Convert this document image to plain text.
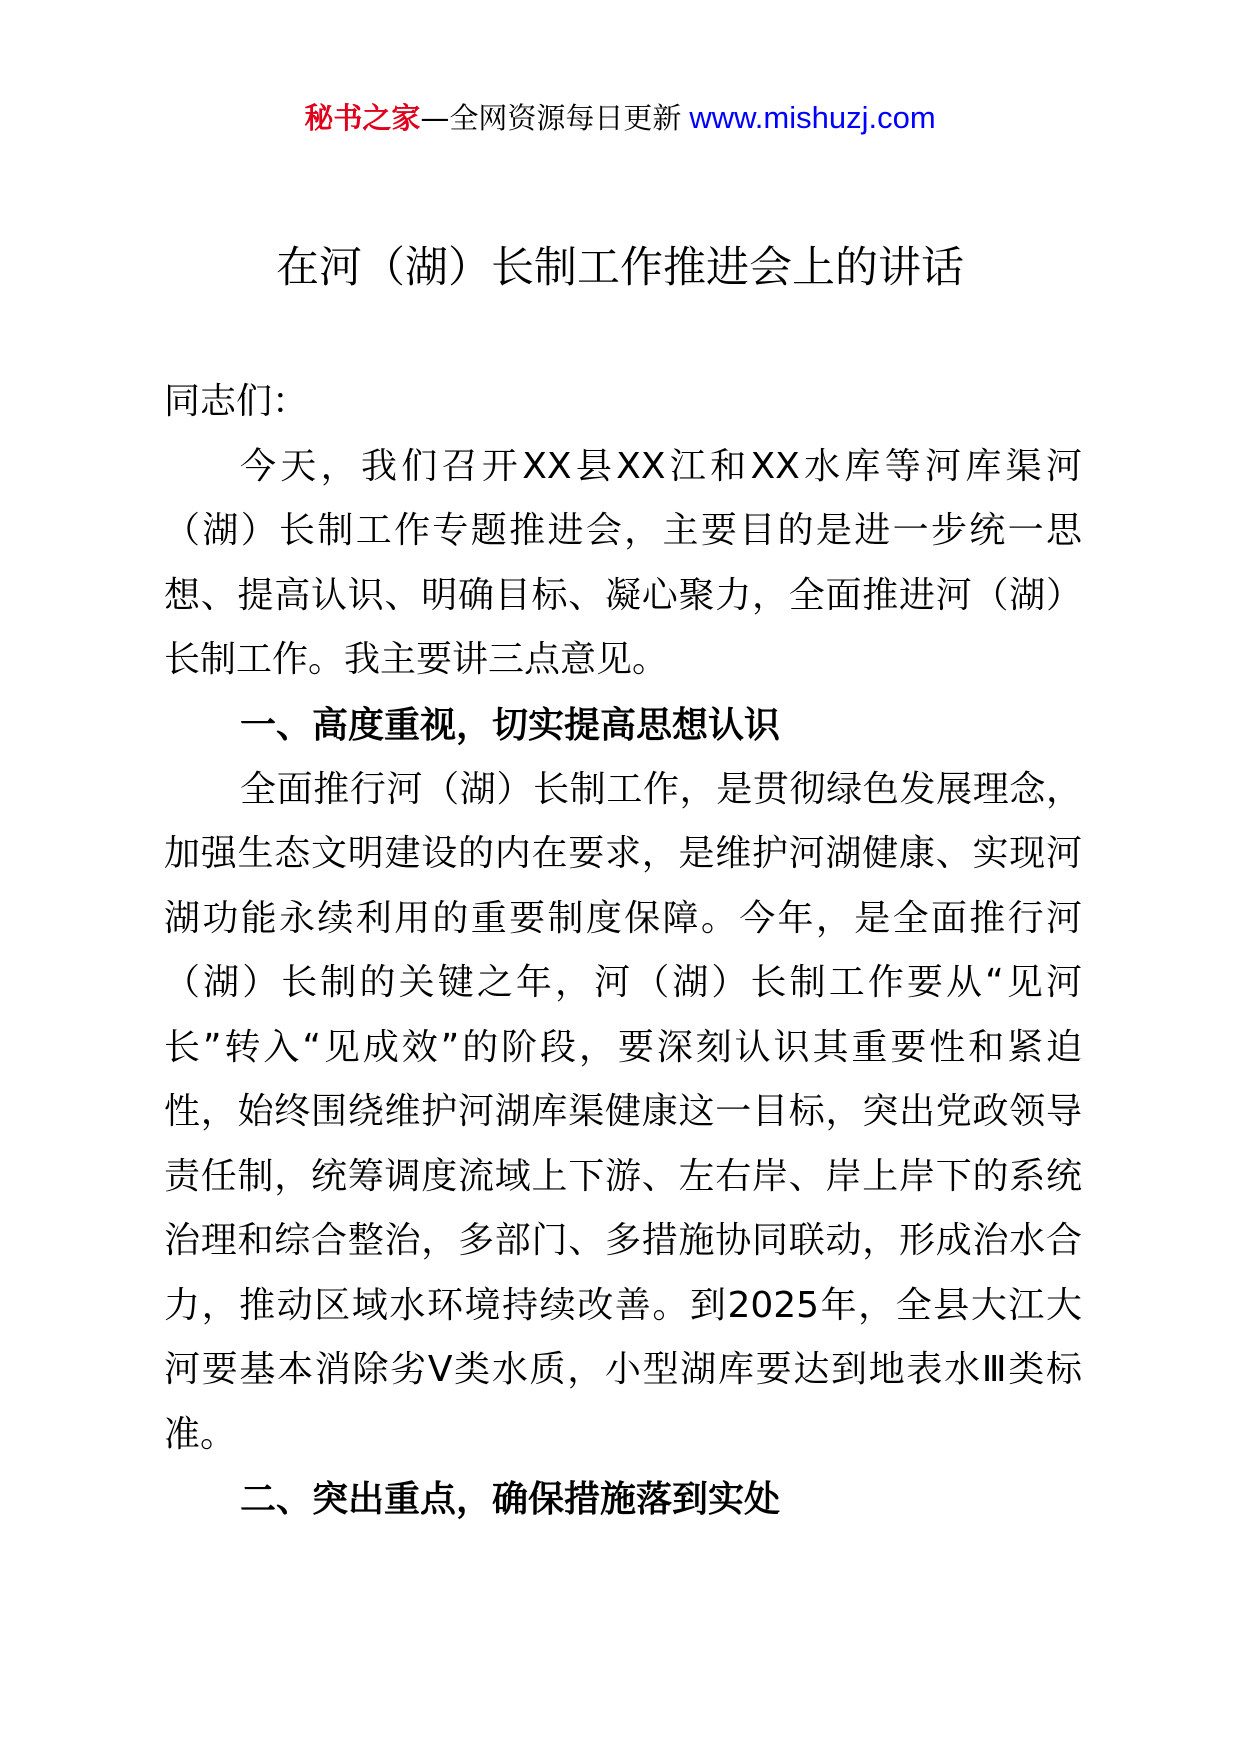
秘书之家—全网资源每日更新 www.mishuzj.com
在河（湖）长制工作推进会上的讲话

同志们：

今天，我们召开XX县XX江和XX水库等河库渠河（湖）长制工作专题推进会，主要目的是进一步统一思想、提高认识、明确目标、凝心聚力，全面推进河（湖）长制工作。我主要讲三点意见。

一、高度重视，切实提高思想认识

全面推行河（湖）长制工作，是贯彻绿色发展理念，加强生态文明建设的内在要求，是维护河湖健康、实现河湖功能永续利用的重要制度保障。今年，是全面推行河（湖）长制的关键之年，河（湖）长制工作要从“见河长”转入“见成效”的阶段，要深刻认识其重要性和紧迫性，始终围绕维护河湖库渠健康这一目标，突出党政领导责任制，统筹调度流域上下游、左右岸、岸上岸下的系统治理和综合整治，多部门、多措施协同联动，形成治水合力，推动区域水环境持续改善。到2025年，全县大江大河要基本消除劣Ⅴ类水质，小型湖库要达到地表水Ⅲ类标准。

二、突出重点，确保措施落到实处
